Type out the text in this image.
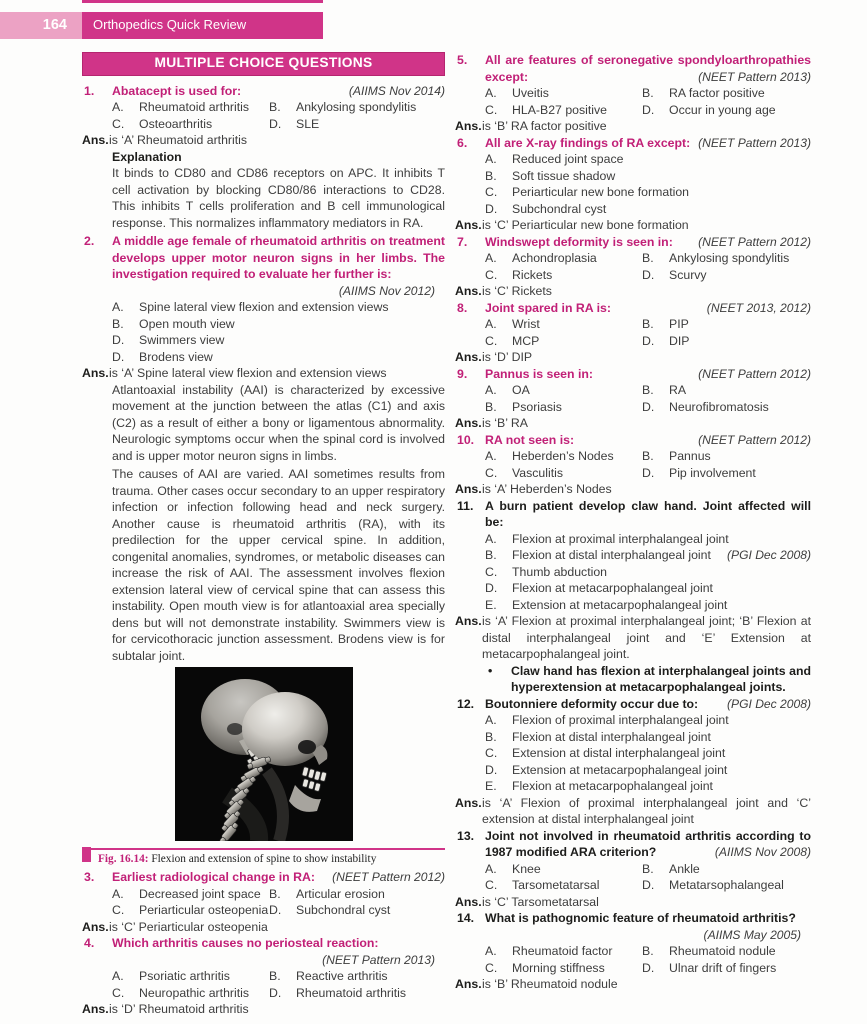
164	Orthopedics Quick Review
MULTIPLE CHOICE QUESTIONS
1. Abatacept is used for:	(AIIMS Nov 2014)
A. Rheumatoid arthritis	B. Ankylosing spondylitis
C. Osteoarthritis	D. SLE
Ans. is ‘A’ Rheumatoid arthritis
Explanation

It binds to CD80 and CD86 receptors on APC. It inhibits T cell activation by blocking CD80/86 interactions to CD28. This inhibits T cells proliferation and B cell immunological response. This normalizes inflammatory mediators in RA.

2. A middle age female of rheumatoid arthritis on treatment develops upper motor neuron signs in her limbs. The investigation required to evaluate her further is:
(AIIMS Nov 2012)
A. Spine lateral view flexion and extension views
B. Open mouth view
D. Swimmers view
D. Brodens view
Ans. is ‘A’ Spine lateral view flexion and extension views

Atlantoaxial instability (AAI) is characterized by excessive movement at the junction between the atlas (C1) and axis (C2) as a result of either a bony or ligamentous abnormality. Neurologic symptoms occur when the spinal cord is involved and is upper motor neuron signs in limbs.

The causes of AAI are varied. AAI sometimes results from trauma. Other cases occur secondary to an upper respiratory infection or infection following head and neck surgery. Another cause is rheumatoid arthritis (RA), with its predilection for the upper cervical spine. In addition, congenital anomalies, syndromes, or metabolic diseases can increase the risk of AAI. The assessment involves flexion extension lateral view of cervical spine that can assess this instability. Open mouth view is for atlantoaxial area specially dens but will not demonstrate instability. Swimmers view is for cervicothoracic junction assessment. Brodens view is for subtalar joint.

Fig. 16.14: Flexion and extension of spine to show instability
3. Earliest radiological change in RA:	(NEET Pattern 2012)
A. Decreased joint space B. Articular erosion
C. Periarticular osteopenia D. Subchondral cyst
Ans. is ‘C’ Periarticular osteopenia
4. Which arthritis causes no periosteal reaction:
(NEET Pattern 2013)
A. Psoriatic arthritis	B. Reactive arthritis
C. Neuropathic arthritis	D. Rheumatoid arthritis
Ans. is ‘D’ Rheumatoid arthritis
5. All are features of seronegative spondyloarthropathies except:	(NEET Pattern 2013)
A. Uveitis	B. RA factor positive
C. HLA-B27 positive	D. Occur in young age
Ans. is ‘B’ RA factor positive
6. All are X-ray findings of RA except: (NEET Pattern 2013)
A. Reduced joint space
B. Soft tissue shadow
C. Periarticular new bone formation
D. Subchondral cyst
Ans. is ‘C’ Periarticular new bone formation
7. Windswept deformity is seen in:	(NEET Pattern 2012)
A. Achondroplasia	B. Ankylosing spondylitis
C. Rickets	D. Scurvy
Ans. is ‘C’ Rickets
8. Joint spared in RA is:	(NEET 2013, 2012)
A. Wrist	B. PIP
C. MCP	D. DIP
Ans. is ‘D’ DIP
9. Pannus is seen in:	(NEET Pattern 2012)
A. OA	B. RA
B. Psoriasis	D. Neurofibromatosis
Ans. is ‘B’ RA
10. RA not seen is:	(NEET Pattern 2012)
A. Heberden’s Nodes	B. Pannus
C. Vasculitis	D. Pip involvement
Ans. is ‘A’ Heberden’s Nodes
11. A burn patient develop claw hand. Joint affected will be:
A. Flexion at proximal interphalangeal joint
B. Flexion at distal interphalangeal joint (PGI Dec 2008)
C. Thumb abduction
D. Flexion at metacarpophalangeal joint
E. Extension at metacarpophalangeal joint
Ans. is ‘A’ Flexion at proximal interphalangeal joint; ‘B’ Flexion at distal interphalangeal joint and ‘E’ Extension at metacarpophalangeal joint.
• Claw hand has flexion at interphalangeal joints and hyperextension at metacarpophalangeal joints.
12. Boutonniere deformity occur due to:	(PGI Dec 2008)
A. Flexion of proximal interphalangeal joint
B. Flexion at distal interphalangeal joint
C. Extension at distal interphalangeal joint
D. Extension at metacarpophalangeal joint
E. Flexion at metacarpophalangeal joint
Ans. is ‘A’ Flexion of proximal interphalangeal joint and ‘C’ extension at distal interphalangeal joint
13. Joint not involved in rheumatoid arthritis according to 1987 modified ARA criterion?	(AIIMS Nov 2008)
A. Knee	B. Ankle
C. Tarsometatarsal	D. Metatarsophalangeal
Ans. is ‘C’ Tarsometatarsal
14. What is pathognomic feature of rheumatoid arthritis?
(AIIMS May 2005)
A. Rheumatoid factor	B. Rheumatoid nodule
C. Morning stiffness	D. Ulnar drift of fingers
Ans. is ‘B’ Rheumatoid nodule
